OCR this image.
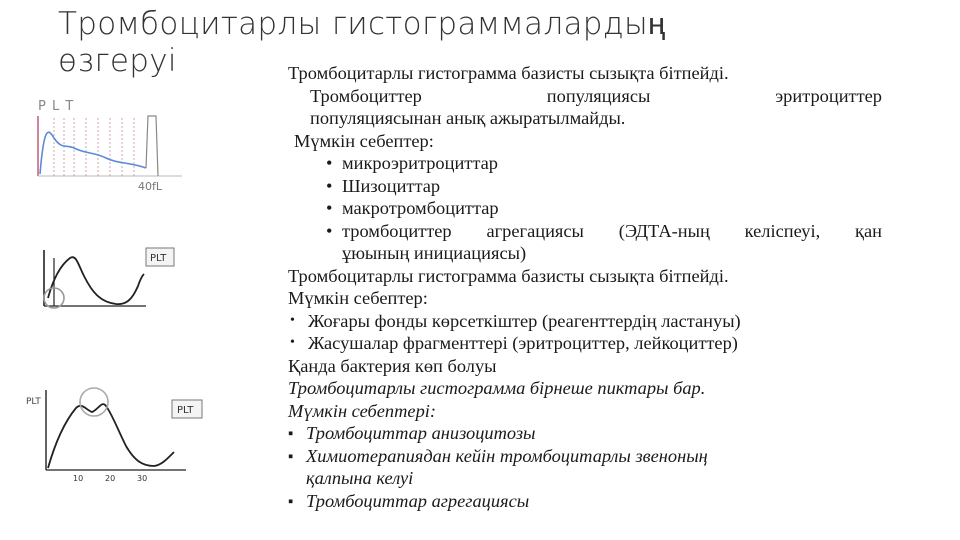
Тромбоцитарлы гистограммалардың
өзгеруі
P L T
40fL
PLT
PLT
PLT
10	20	30

Тромбоцитарлы гистограмма базисты сызықта бітпейді.

Тромбоциттер популяциясы эритроциттер

популяциясынан анық ажыратылмайды.

Мүмкін себептер:

• микроэритроциттар
• Шизоциттар
• макротромбоциттар
• тромбоциттер агрегациясы (ЭДТА-ның келіспеуі, қан
ұюының инициациясы)

Тромбоцитарлы гистограмма базисты сызықта бітпейді.

Мүмкін себептер:

• Жоғары фонды көрсеткіштер (реагенттердің ластануы)

• Жасушалар фрагменттері (эритроциттер, лейкоциттер)

Қанда бактерия көп болуы

Тромбоцитарлы гистограмма бірнеше пиктары бар.

Мүмкін себептері:

▪ Тромбоциттар анизоцитозы

▪ Химиотерапиядан кейін тромбоцитарлы звеноның

қалпына келуі

▪ Тромбоциттар агрегациясы
